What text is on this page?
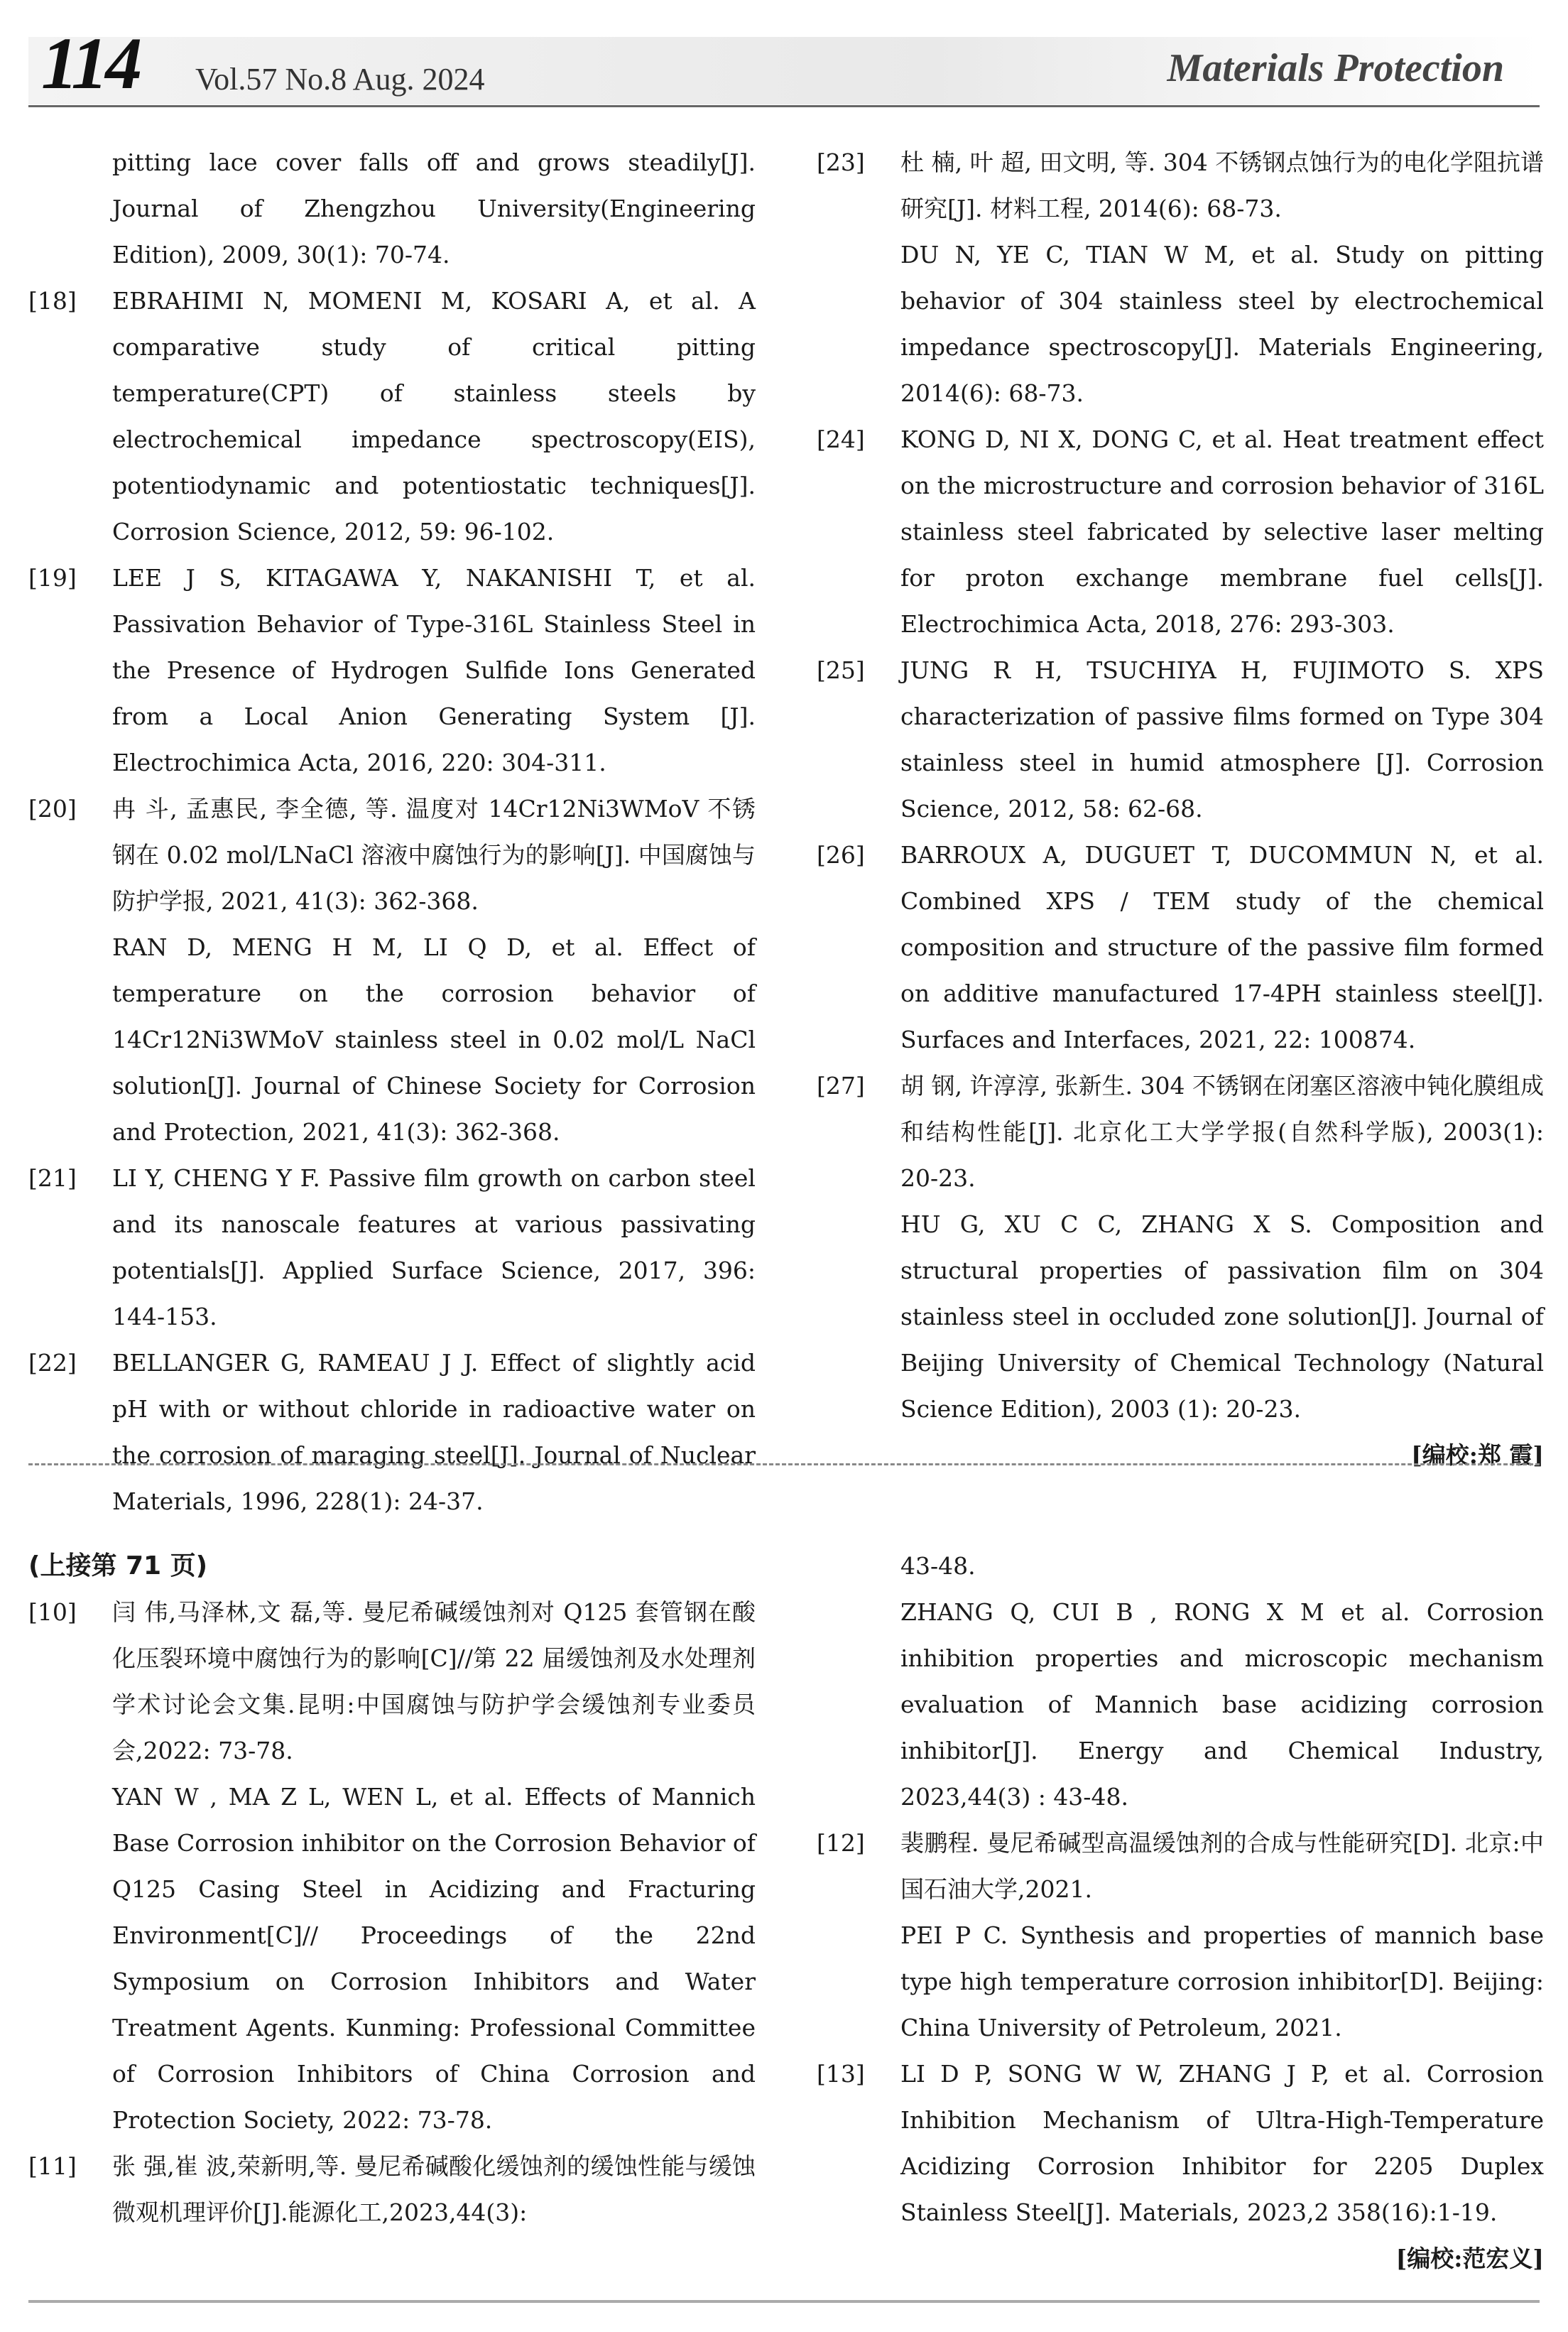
114 Vol.57 No.8 Aug. 2024	Materials Protection

pitting lace cover falls off and grows steadily[J]. Journal of Zhengzhou University(Engineering Edition), 2009, 30(1): 70-74.

[18] EBRAHIMI N, MOMENI M, KOSARI A, et al. A comparative study of critical pitting temperature(CPT) of stainless steels by electrochemical impedance spectroscopy(EIS), potentiodynamic and potentiostatic techniques[J]. Corrosion Science, 2012, 59: 96-102.

[19] LEE J S, KITAGAWA Y, NAKANISHI T, et al. Passivation Behavior of Type-316L Stainless Steel in the Presence of Hydrogen Sulfide Ions Generated from a Local Anion Generating System [J]. Electrochimica Acta, 2016, 220: 304-311.

[20] 冉 斗, 孟惠民, 李全德, 等. 温度对 14Cr12Ni3WMoV 不锈钢在 0.02 mol/LNaCl 溶液中腐蚀行为的影响[J]. 中国腐蚀与防护学报, 2021, 41(3): 362-368.

RAN D, MENG H M, LI Q D, et al. Effect of temperature on the corrosion behavior of 14Cr12Ni3WMoV stainless steel in 0.02 mol/L NaCl solution[J]. Journal of Chinese Society for Corrosion and Protection, 2021, 41(3): 362-368.

[21] LI Y, CHENG Y F. Passive film growth on carbon steel and its nanoscale features at various passivating potentials[J]. Applied Surface Science, 2017, 396: 144-153.

[22] BELLANGER G, RAMEAU J J. Effect of slightly acid pH with or without chloride in radioactive water on the corrosion of maraging steel[J]. Journal of Nuclear Materials, 1996, 228(1): 24-37.

[23] 杜 楠, 叶 超, 田文明, 等. 304 不锈钢点蚀行为的电化学阻抗谱研究[J]. 材料工程, 2014(6): 68-73.

DU N, YE C, TIAN W M, et al. Study on pitting behavior of 304 stainless steel by electrochemical impedance spectroscopy[J]. Materials Engineering, 2014(6): 68-73.

[24] KONG D, NI X, DONG C, et al. Heat treatment effect on the microstructure and corrosion behavior of 316L stainless steel fabricated by selective laser melting for proton exchange membrane fuel cells[J]. Electrochimica Acta, 2018, 276: 293-303.

[25] JUNG R H, TSUCHIYA H, FUJIMOTO S. XPS characterization of passive films formed on Type 304 stainless steel in humid atmosphere [J]. Corrosion Science, 2012, 58: 62-68.

[26] BARROUX A, DUGUET T, DUCOMMUN N, et al. Combined XPS / TEM study of the chemical composition and structure of the passive film formed on additive manufactured 17-4PH stainless steel[J]. Surfaces and Interfaces, 2021, 22: 100874.

[27] 胡 钢, 许淳淳, 张新生. 304 不锈钢在闭塞区溶液中钝化膜组成和结构性能[J]. 北京化工大学学报(自然科学版), 2003(1): 20-23.

HU G, XU C C, ZHANG X S. Composition and structural properties of passivation film on 304 stainless steel in occluded zone solution[J]. Journal of Beijing University of Chemical Technology (Natural Science Edition), 2003 (1): 20-23.

[编校:郑 霞]

(上接第 71 页)
[10] 闫 伟,马泽林,文 磊,等. 曼尼希碱缓蚀剂对 Q125 套管钢在酸化压裂环境中腐蚀行为的影响[C]//第 22 届缓蚀剂及水处理剂学术讨论会文集.昆明:中国腐蚀与防护学会缓蚀剂专业委员会,2022: 73-78.

YAN W , MA Z L, WEN L, et al. Effects of Mannich Base Corrosion inhibitor on the Corrosion Behavior of Q125 Casing Steel in Acidizing and Fracturing Environment[C]// Proceedings of the 22nd Symposium on Corrosion Inhibitors and Water Treatment Agents. Kunming: Professional Committee of Corrosion Inhibitors of China Corrosion and Protection Society, 2022: 73-78.

[11] 张 强,崔 波,荣新明,等. 曼尼希碱酸化缓蚀剂的缓蚀性能与缓蚀微观机理评价[J].能源化工,2023,44(3):

43-48.

ZHANG Q, CUI B , RONG X M et al. Corrosion inhibition properties and microscopic mechanism evaluation of Mannich base acidizing corrosion inhibitor[J]. Energy and Chemical Industry, 2023,44(3) : 43-48.

[12] 裴鹏程. 曼尼希碱型高温缓蚀剂的合成与性能研究[D]. 北京:中国石油大学,2021.

PEI P C. Synthesis and properties of mannich base type high temperature corrosion inhibitor[D]. Beijing: China University of Petroleum, 2021.

[13] LI D P, SONG W W, ZHANG J P, et al. Corrosion Inhibition Mechanism of Ultra-High-Temperature Acidizing Corrosion Inhibitor for 2205 Duplex Stainless Steel[J]. Materials, 2023,2 358(16):1-19.

[编校:范宏义]
